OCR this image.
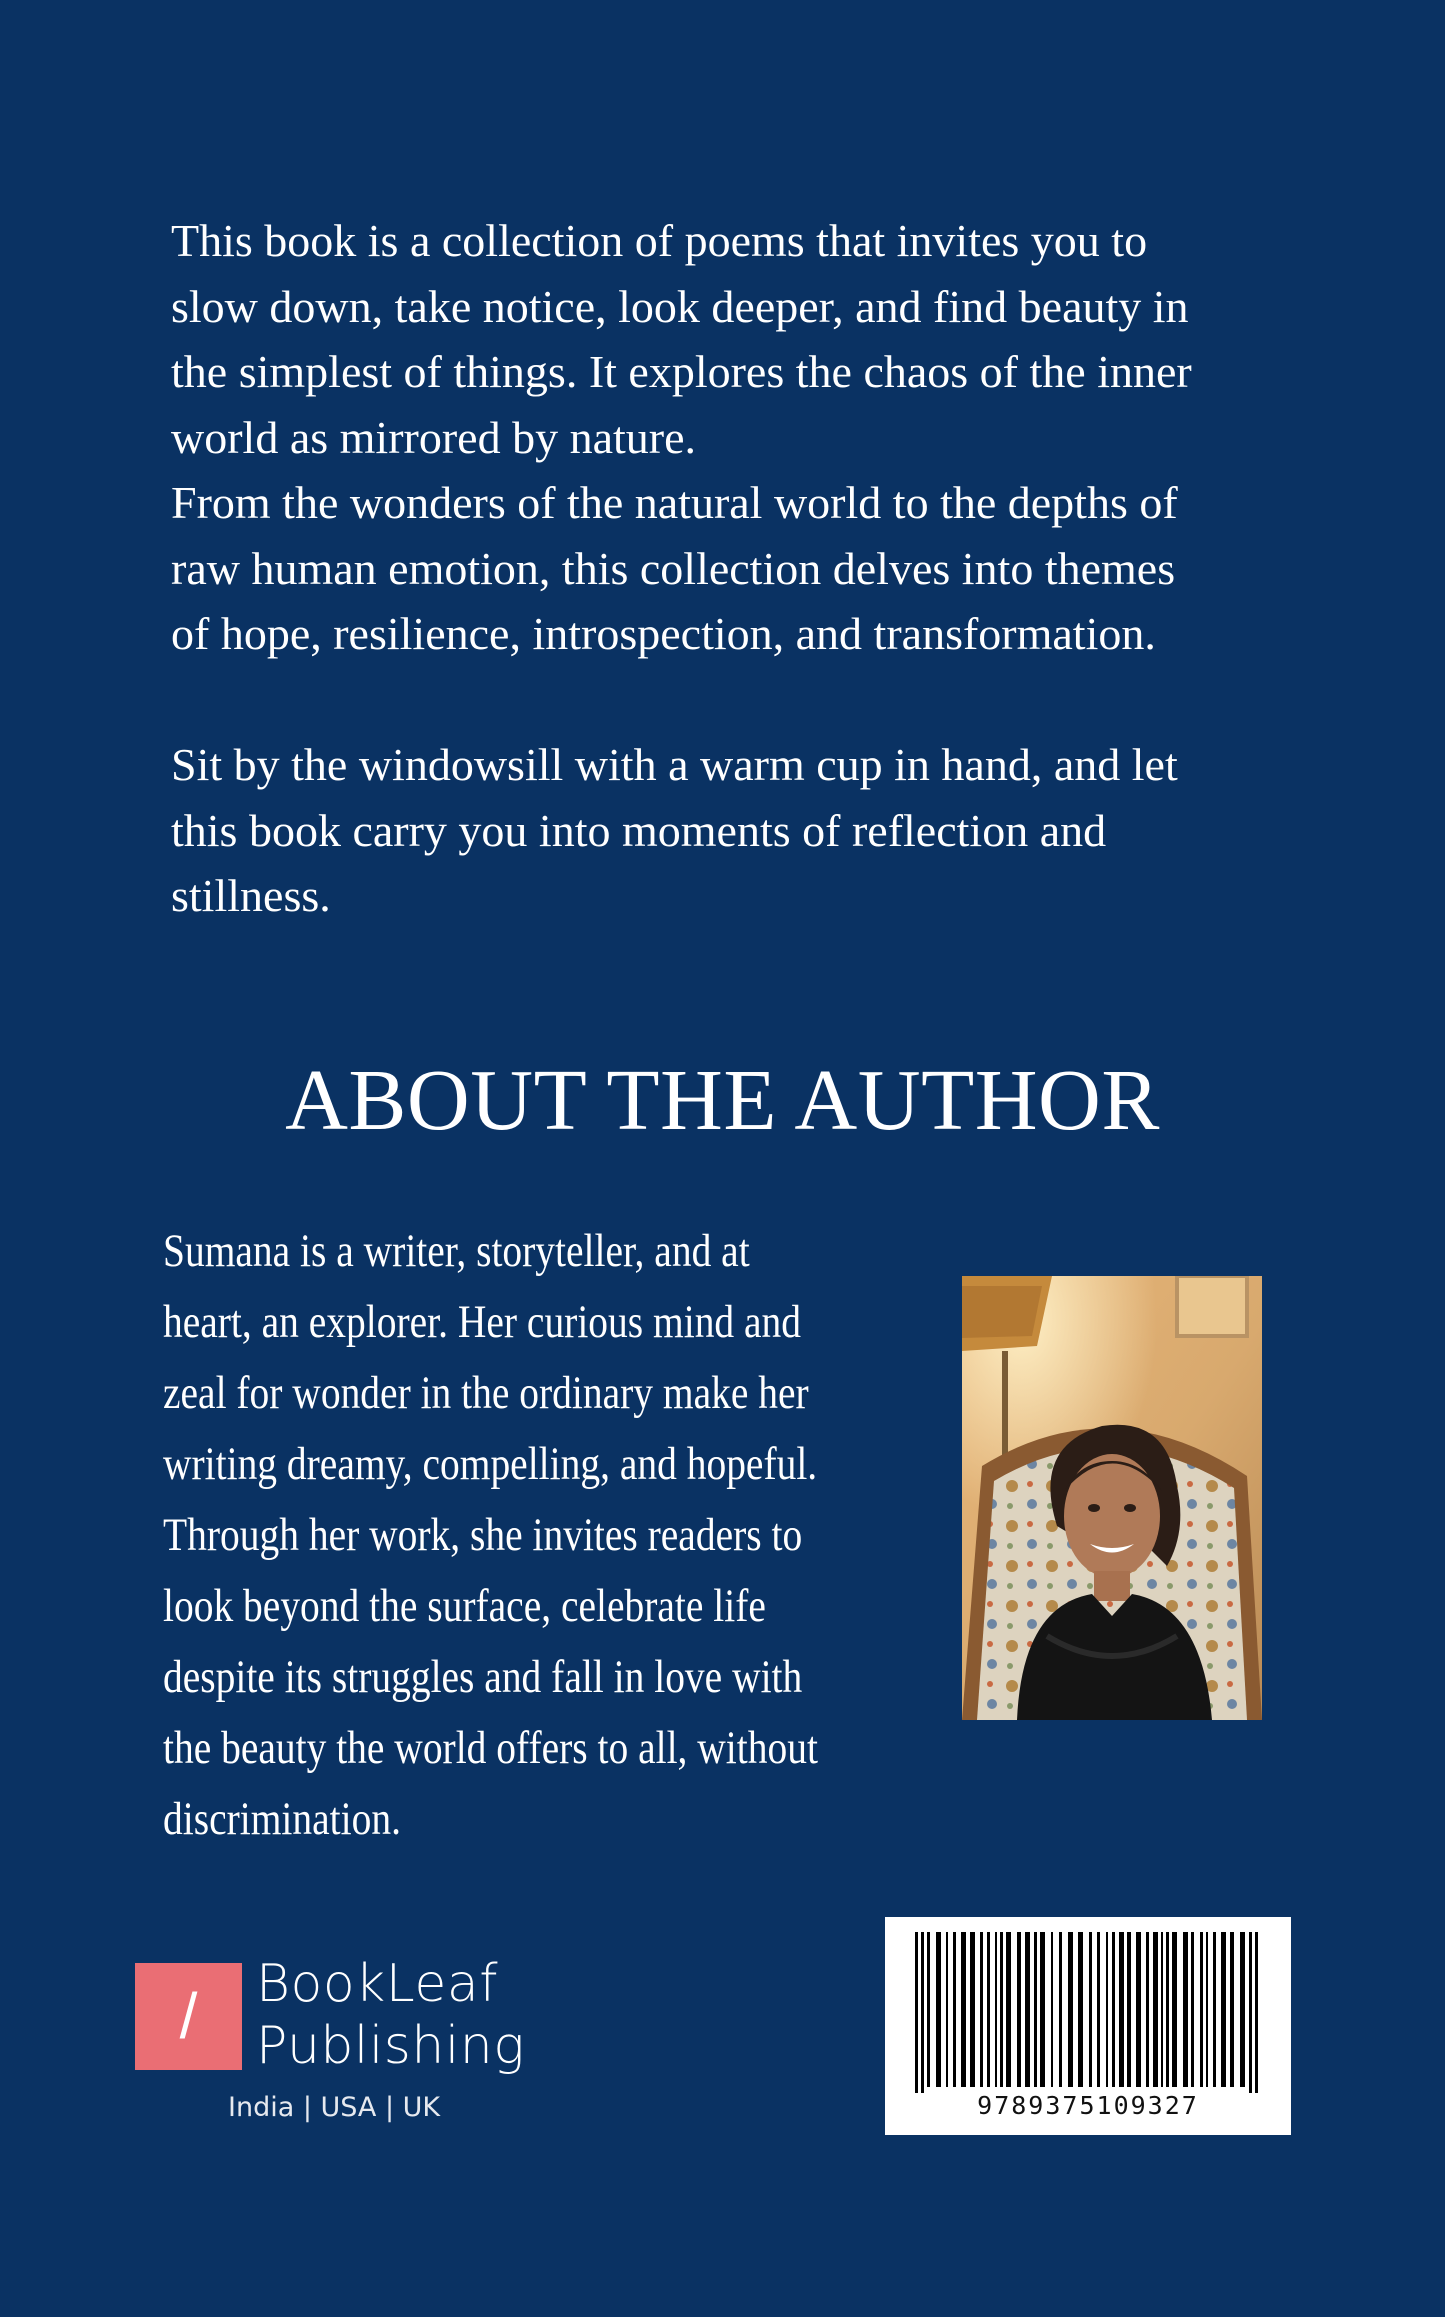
This book is a collection of poems that invites you to

slow down, take notice, look deeper, and find beauty in

the simplest of things. It explores the chaos of the inner

world as mirrored by nature.

From the wonders of the natural world to the depths of

raw human emotion, this collection delves into themes

of hope, resilience, introspection, and transformation.

Sit by the windowsill with a warm cup in hand, and let

this book carry you into moments of reflection and

stillness.

ABOUT THE AUTHOR

Sumana is a writer, storyteller, and at

heart, an explorer. Her curious mind and

zeal for wonder in the ordinary make her

writing dreamy, compelling, and hopeful.

Through her work, she invites readers to

look beyond the surface, celebrate life

despite its struggles and fall in love with

the beauty the world offers to all, without

discrimination.

/	BookLeaf
Publishing
India | USA | UK	9789375109327
